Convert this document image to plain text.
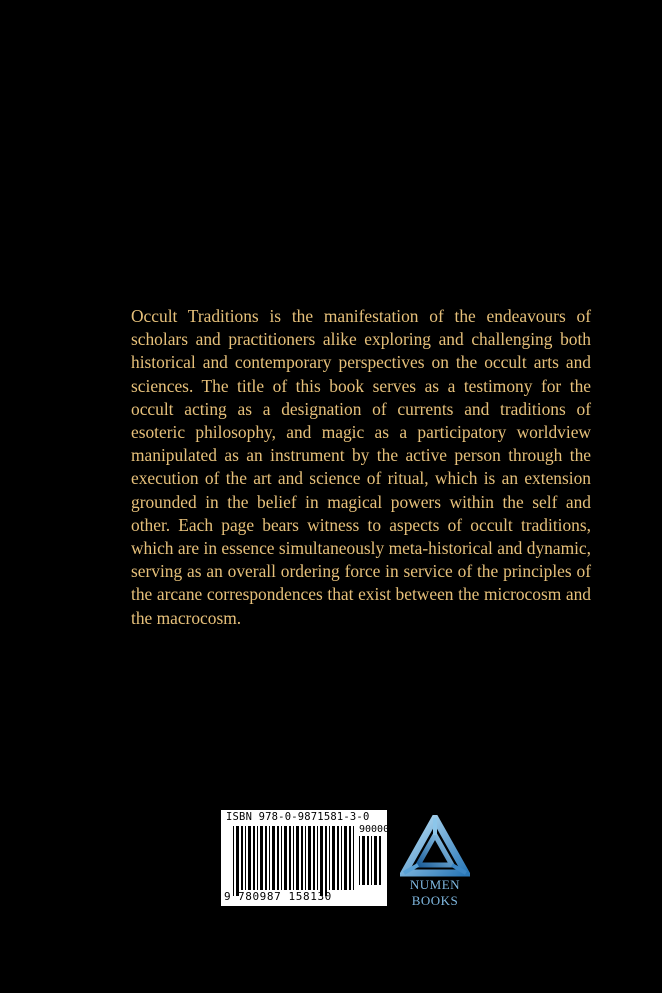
Occult Traditions is the manifestation of the endeavours of scholars and practitioners alike exploring and challenging both historical and contemporary perspectives on the occult arts and sciences. The title of this book serves as a testimony for the occult acting as a designation of currents and traditions of esoteric philosophy, and magic as a participatory worldview manipulated as an instrument by the active person through the execution of the art and science of ritual, which is an extension grounded in the belief in magical powers within the self and other. Each page bears witness to aspects of occult traditions, which are in essence simultaneously meta-historical and dynamic, serving as an overall ordering force in service of the principles of the arcane correspondences that exist between the microcosm and the macrocosm.
ISBN 978-0-9871581-3-0
90000
9 780987 158130
NUMEN
BOOKS
